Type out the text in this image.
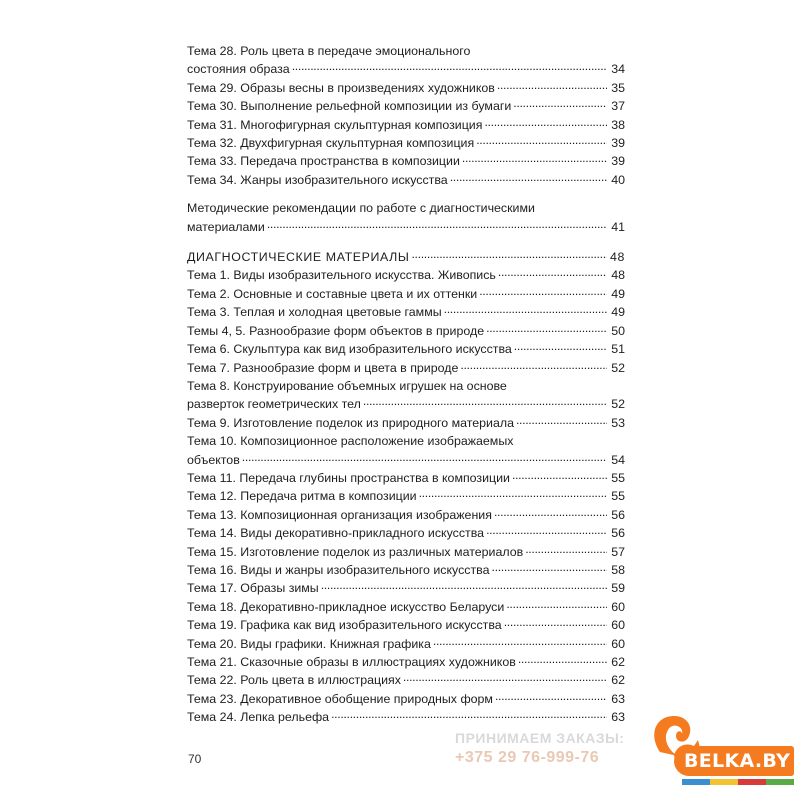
Тема 28. Роль цвета в передаче эмоционального
состояния образа . . .	34
Тема 29. Образы весны в произведениях художников . . .	35
Тема 30. Выполнение рельефной композиции из бумаги . . .	37
Тема 31. Многофигурная скульптурная композиция . . .	38
Тема 32. Двухфигурная скульптурная композиция . . .	39
Тема 33. Передача пространства в композиции . . .	39
Тема 34. Жанры изобразительного искусства . . .	40
Методические рекомендации по работе с диагностическими
материалами . . .	41
ДИАГНОСТИЧЕСКИЕ МАТЕРИАЛЫ . . .	48
Тема 1. Виды изобразительного искусства. Живопись . . .	48
Тема 2. Основные и составные цвета и их оттенки . . .	49
Тема 3. Теплая и холодная цветовые гаммы . . .	49
Темы 4, 5. Разнообразие форм объектов в природе . . .	50
Тема 6. Скульптура как вид изобразительного искусства . . .	51
Тема 7. Разнообразие форм и цвета в природе . . .	52
Тема 8. Конструирование объемных игрушек на основе
разверток геометрических тел . . .	52
Тема 9. Изготовление поделок из природного материала . . .	53
Тема 10. Композиционное расположение изображаемых
объектов . . .	54
Тема 11. Передача глубины пространства в композиции . . .	55
Тема 12. Передача ритма в композиции . . .	55
Тема 13. Композиционная организация изображения . . .	56
Тема 14. Виды декоративно-прикладного искусства . . .	56
Тема 15. Изготовление поделок из различных материалов . . .	57
Тема 16. Виды и жанры изобразительного искусства . . .	58
Тема 17. Образы зимы . . .	59
Тема 18. Декоративно-прикладное искусство Беларуси . . .	60
Тема 19. Графика как вид изобразительного искусства . . .	60
Тема 20. Виды графики. Книжная графика . . .	60
Тема 21. Сказочные образы в иллюстрациях художников . . .	62
Тема 22. Роль цвета в иллюстрациях . . .	62
Тема 23. Декоративное обобщение природных форм . . .	63
Тема 24. Лепка рельефа . . .	63
70
ПРИНИМАЕМ ЗАКАЗЫ:
+375 29 76-999-76	BELKA.BY
